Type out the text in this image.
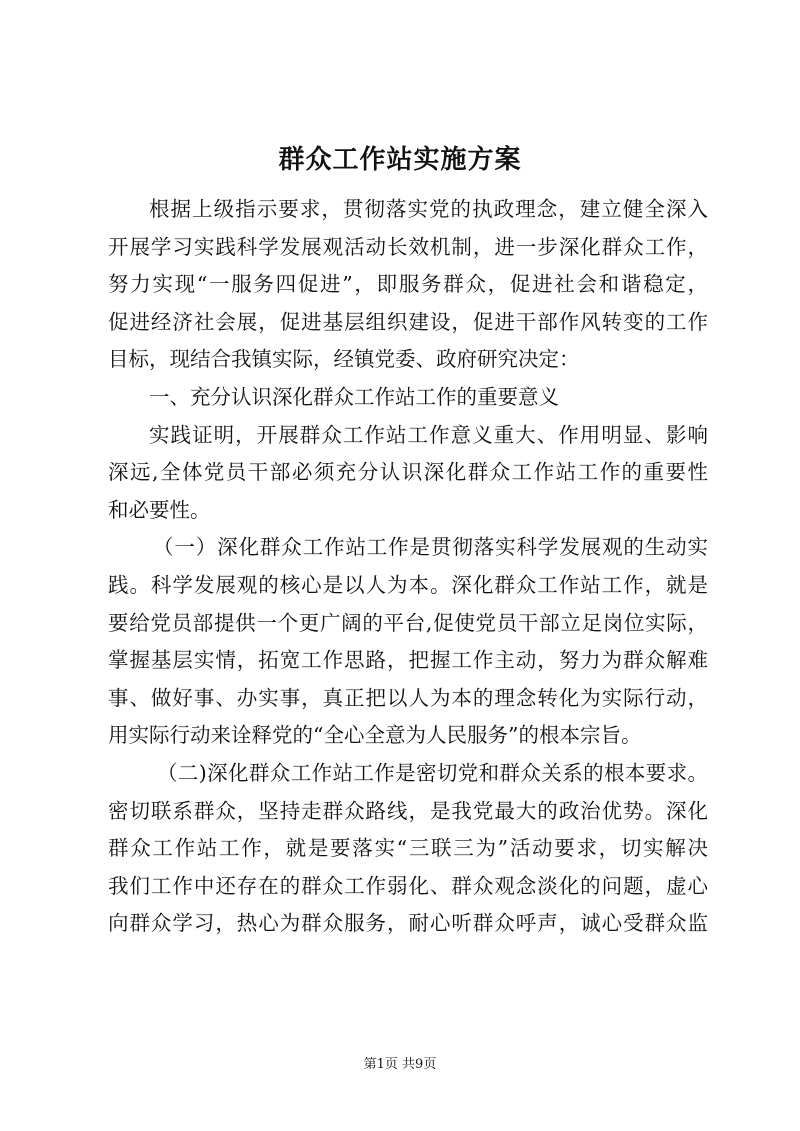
群众工作站实施方案
根据上级指示要求，贯彻落实党的执政理念，建立健全深入
开展学习实践科学发展观活动长效机制，进一步深化群众工作，
努力实现“一服务四促进”，即服务群众，促进社会和谐稳定，
促进经济社会展，促进基层组织建设，促进干部作风转变的工作
目标，现结合我镇实际，经镇党委、政府研究决定：
一、充分认识深化群众工作站工作的重要意义
实践证明，开展群众工作站工作意义重大、作用明显、影响
深远,全体党员干部必须充分认识深化群众工作站工作的重要性
和必要性。
（一）深化群众工作站工作是贯彻落实科学发展观的生动实
践。科学发展观的核心是以人为本。深化群众工作站工作，就是
要给党员部提供一个更广阔的平台,促使党员干部立足岗位实际，
掌握基层实情，拓宽工作思路，把握工作主动，努力为群众解难
事、做好事、办实事，真正把以人为本的理念转化为实际行动，
用实际行动来诠释党的“全心全意为人民服务”的根本宗旨。
（二)深化群众工作站工作是密切党和群众关系的根本要求。
密切联系群众，坚持走群众路线，是我党最大的政治优势。深化
群众工作站工作，就是要落实“三联三为”活动要求，切实解决
我们工作中还存在的群众工作弱化、群众观念淡化的问题，虚心
向群众学习，热心为群众服务，耐心听群众呼声，诚心受群众监
第1页 共9页
